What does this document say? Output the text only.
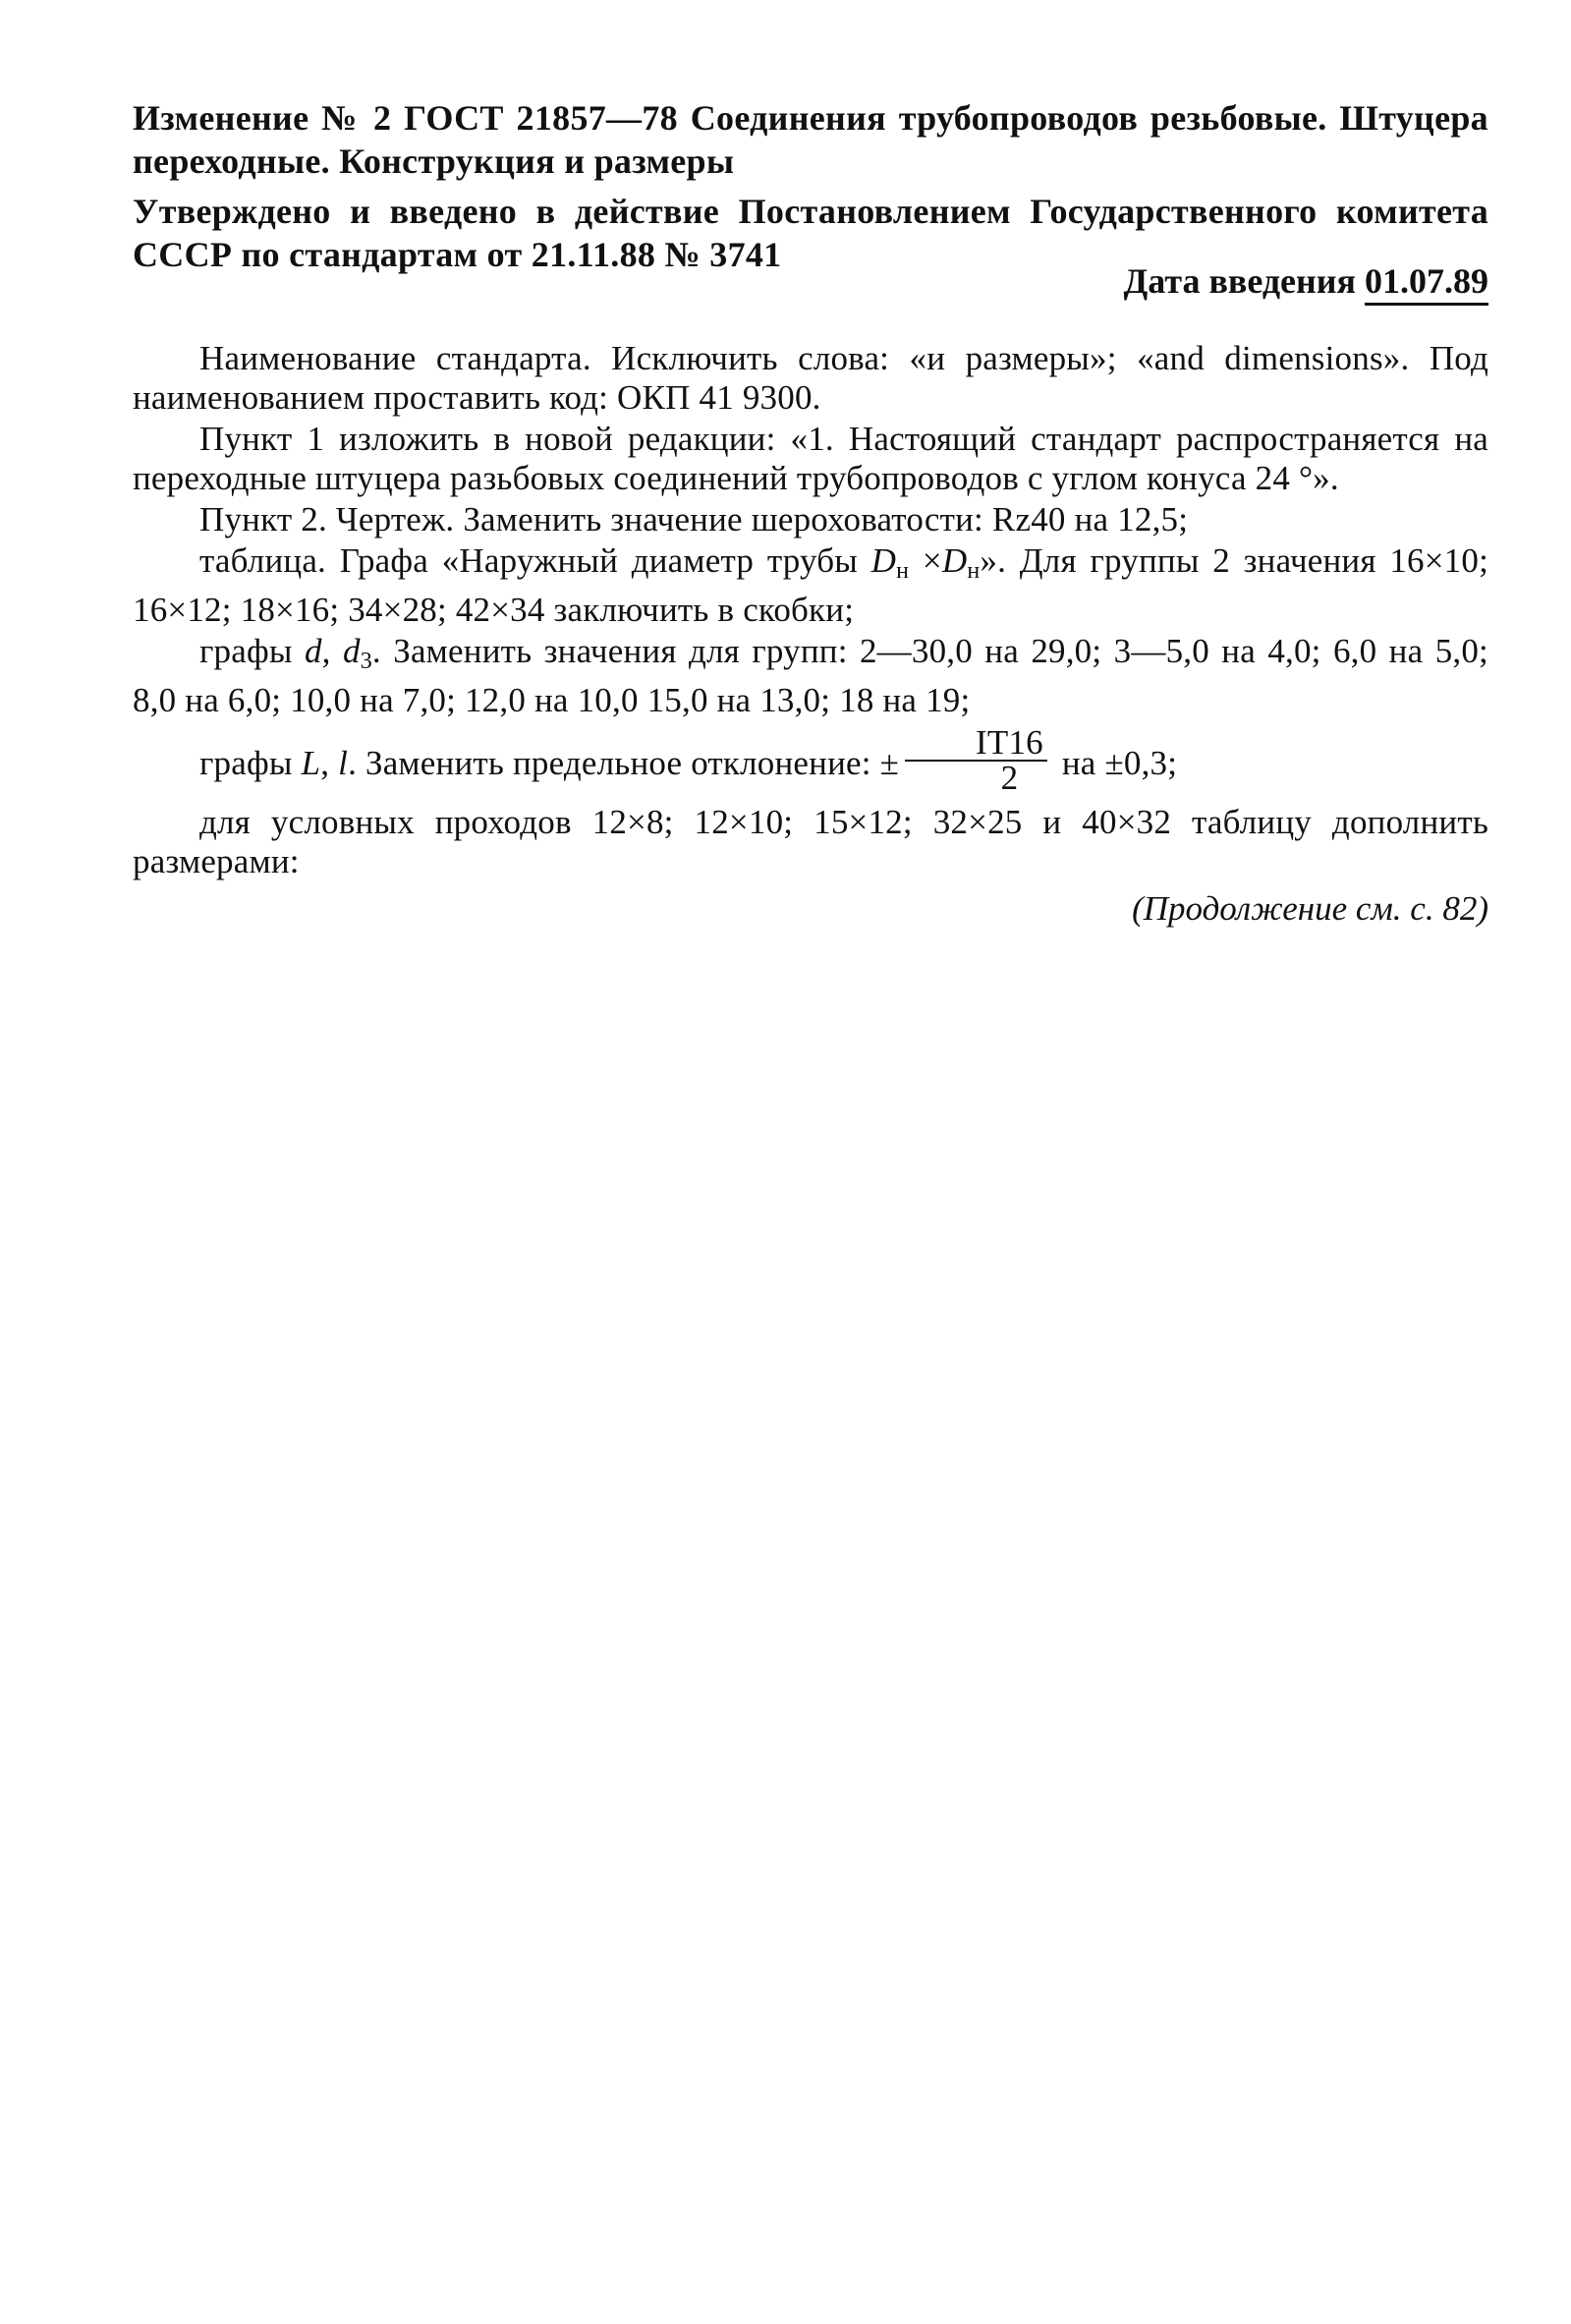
Изменение № 2 ГОСТ 21857—78 Соединения трубопроводов резьбовые. Штуцера переходные. Конструкция и размеры
Утверждено и введено в действие Постановлением Государственного комитета
СССР по стандартам от 21.11.88 № 3741
Дата введения 01.07.89

Наименование стандарта. Исключить слова: «и размеры»; «and dimensions». Под наименованием проставить код: ОКП 41 9300.

Пункт 1 изложить в новой редакции: «1. Настоящий стандарт распространяется на переходные штуцера разьбовых соединений трубопроводов с углом конуса 24 °».

Пункт 2. Чертеж. Заменить значение шероховатости: Rz40 на 12,5;

таблица. Графа «Наружный диаметр трубы $D_н \times D_н$». Для группы 2 значения 16×10; 16×12; 18×16; 34×28; 42×34 заключить в скобки;

графы d, $d_3$. Заменить значения для групп: 2—30,0 на 29,0; 3—5,0 на 4,0; 6,0 на 5,0; 8,0 на 6,0; 10,0 на 7,0; 12,0 на 10,0 15,0 на 13,0; 18 на 19;

графы L, l. Заменить предельное отклонение: ± $\frac{IT16}{2}$ на ±0,3;

для условных проходов 12×8; 12×10; 15×12; 32×25 и 40×32 таблицу дополнить размерами:

(Продолжение см. с. 82)
